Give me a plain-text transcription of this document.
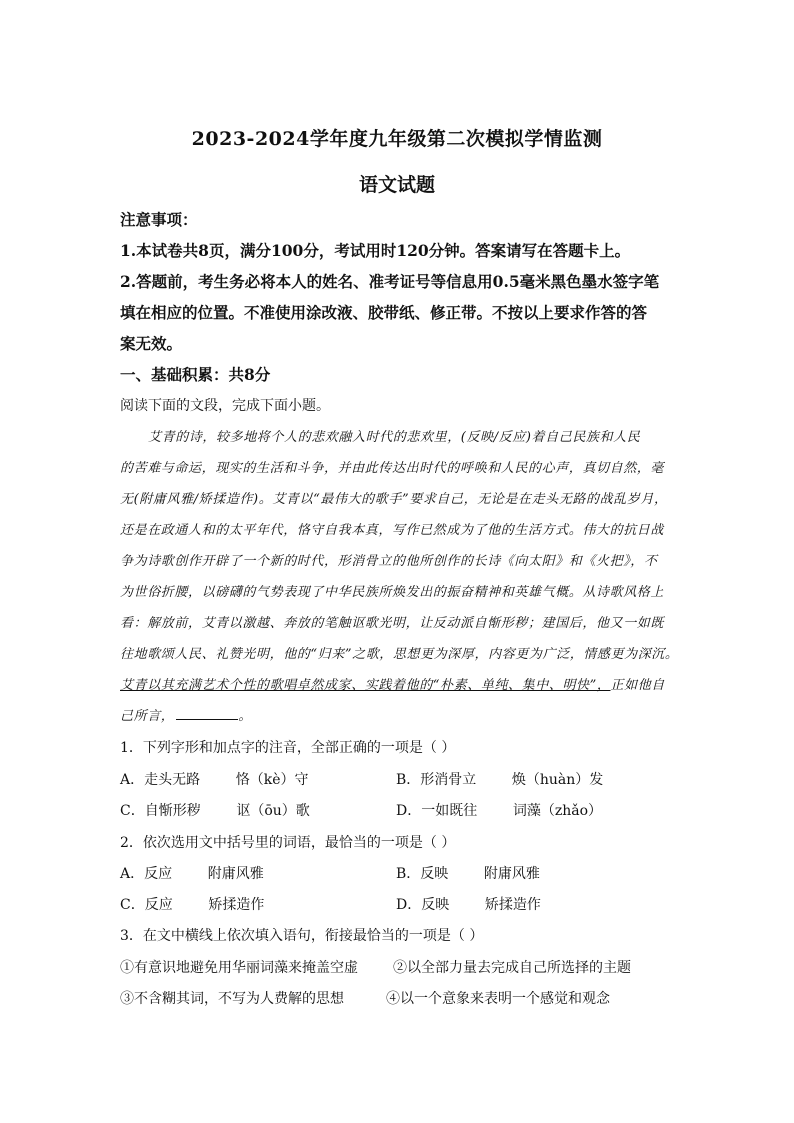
2023-2024学年度九年级第二次模拟学情监测
语文试题
注意事项：
1.本试卷共8页，满分100分，考试用时120分钟。答案请写在答题卡上。
2.答题前，考生务必将本人的姓名、准考证号等信息用0.5毫米黑色墨水签字笔
填在相应的位置。不准使用涂改液、胶带纸、修正带。不按以上要求作答的答
案无效。
一、基础积累：共8分
阅读下面的文段，完成下面小题。
艾青的诗，较多地将个人的悲欢融入时代的悲欢里，(反映/反应)着自己民族和人民
的苦难与命运，现实的生活和斗争，并由此传达出时代的呼唤和人民的心声，真切自然，毫
无(附庸风雅/矫揉造作)。艾青以“最伟大的歌手”要求自己，无论是在走头无路的战乱岁月，
还是在政通人和的太平年代，恪守自我本真，写作已然成为了他的生活方式。伟大的抗日战
争为诗歌创作开辟了一个新的时代，形消骨立的他所创作的长诗《向太阳》和《火把》，不
为世俗折腰，以磅礴的气势表现了中华民族所焕发出的振奋精神和英雄气概。从诗歌风格上
看：解放前，艾青以激越、奔放的笔触讴歌光明，让反动派自惭形秽；建国后，他又一如既
往地歌颂人民、礼赞光明，他的“归来”之歌，思想更为深厚，内容更为广泛，情感更为深沉。
艾青以其充满艺术个性的歌唱卓然成家、实践着他的“朴素、单纯、集中、明快”，正如他自
己所言，	。
1．下列字形和加点字的注音，全部正确的一项是（ ）
A．走头无路        恪（kè）守	B．形消骨立        焕（huàn）发
C．自惭形秽        讴（ōu）歌	D．一如既往        词藻（zhǎo）
2．依次选用文中括号里的词语，最恰当的一项是（ ）
A．反应        附庸风雅	B．反映        附庸风雅
C．反应        矫揉造作	D．反映        矫揉造作
3．在文中横线上依次填入语句，衔接最恰当的一项是（ ）
①有意识地避免用华丽词藻来掩盖空虚	②以全部力量去完成自己所选择的主题
③不含糊其词，不写为人费解的思想	④以一个意象来表明一个感觉和观念
